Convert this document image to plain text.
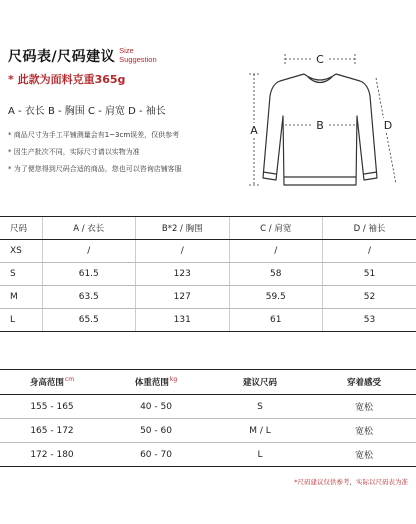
尺码表/尺码建议 Size
Suggestion
* 此款为面料克重365g
A - 衣长 B - 胸围 C - 肩宽 D - 袖长
* 商品尺寸为手工平铺测量会有1~3cm误差，仅供参考
* 因生产批次不同，实际尺寸请以实物为准
* 为了便您得到尺码合适的商品，您也可以咨询店铺客服
C
B
A	D
尺码	A / 衣长	B*2 / 胸围	C / 肩宽	D / 袖长
XS	/	/	/	/
S	61.5	123	58	51
M	63.5	127	59.5	52
L	65.5	131	61	53
身高范围$^{cm}$	体重范围$^{kg}$	建议尺码	穿着感受
155 - 165	40 - 50	S	宽松
165 - 172	50 - 60	M / L	宽松
172 - 180	60 - 70	L	宽松
*尺码建议仅供参考，实际以尺码表为准
